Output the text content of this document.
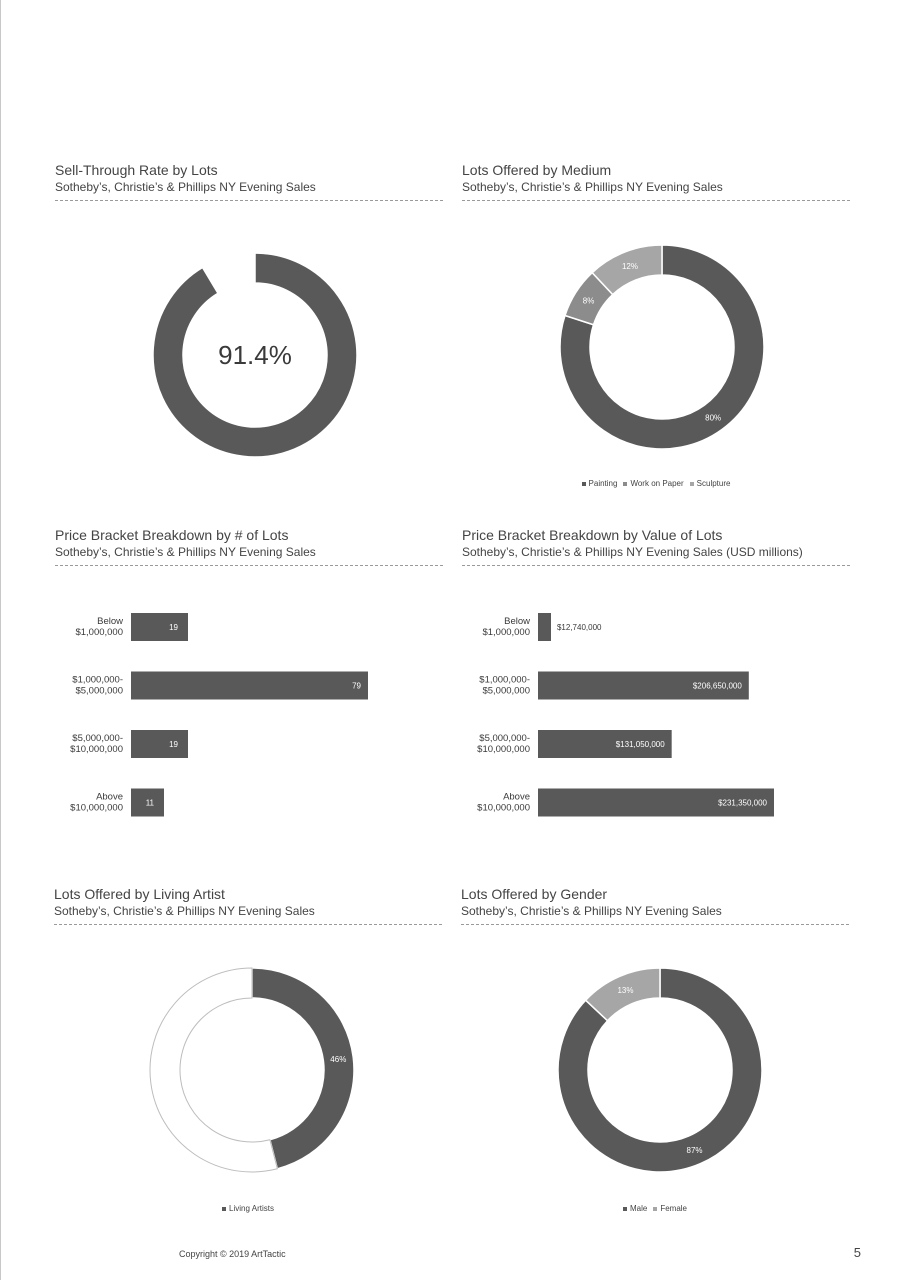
Sell-Through Rate by Lots
Sotheby’s, Christie’s & Phillips NY Evening Sales
91.4%
Lots Offered by Medium
Sotheby’s, Christie’s & Phillips NY Evening Sales
80%
8%
12%
Painting Work on Paper Sculpture
Price Bracket Breakdown by # of Lots
Sotheby’s, Christie’s & Phillips NY Evening Sales
Below
$1,000,000	19
$1,000,000-
$5,000,000	79
$5,000,000-
$10,000,000	19
Above
$10,000,000	11
Price Bracket Breakdown by Value of Lots
Sotheby’s, Christie’s & Phillips NY Evening Sales (USD millions)
Below
$1,000,000	$12,740,000
$1,000,000-
$5,000,000	$206,650,000
$5,000,000-
$10,000,000	$131,050,000
Above
$10,000,000	$231,350,000
Lots Offered by Living Artist
Sotheby’s, Christie’s & Phillips NY Evening Sales
46%
Living Artists
Lots Offered by Gender
Sotheby’s, Christie’s & Phillips NY Evening Sales
87%
13%
Male Female
Copyright © 2019 ArtTactic	5
